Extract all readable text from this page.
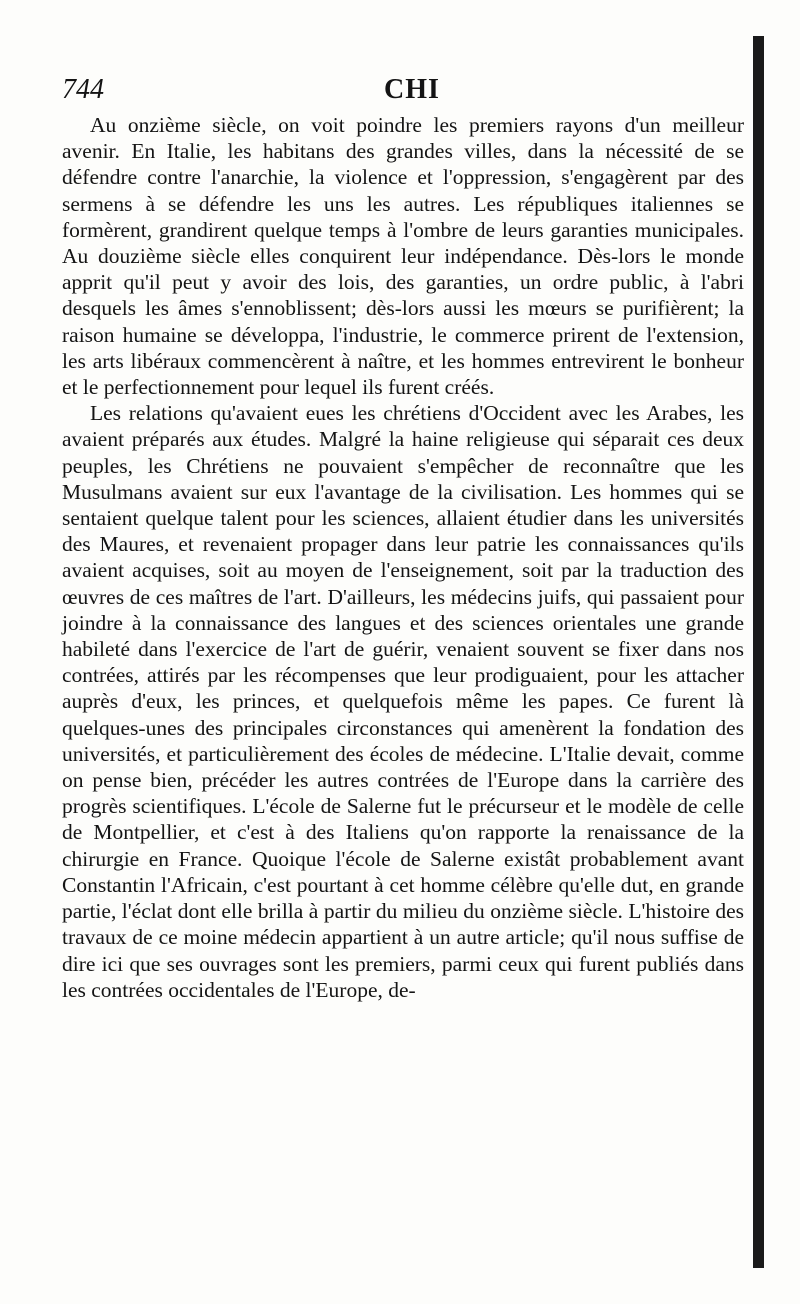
744	CHI

Au onzième siècle, on voit poindre les premiers rayons d'un meilleur avenir. En Italie, les habitans des grandes villes, dans la nécessité de se défendre contre l'anarchie, la violence et l'oppression, s'engagèrent par des sermens à se défendre les uns les autres. Les républiques italiennes se formèrent, grandirent quelque temps à l'ombre de leurs garanties municipales. Au douzième siècle elles conquirent leur indépendance. Dès-lors le monde apprit qu'il peut y avoir des lois, des garanties, un ordre public, à l'abri desquels les âmes s'ennoblissent; dès-lors aussi les mœurs se purifièrent; la raison humaine se développa, l'industrie, le commerce prirent de l'extension, les arts libéraux commencèrent à naître, et les hommes entrevirent le bonheur et le perfectionnement pour lequel ils furent créés.

Les relations qu'avaient eues les chrétiens d'Occident avec les Arabes, les avaient préparés aux études. Malgré la haine religieuse qui séparait ces deux peuples, les Chrétiens ne pouvaient s'empêcher de reconnaître que les Musulmans avaient sur eux l'avantage de la civilisation. Les hommes qui se sentaient quelque talent pour les sciences, allaient étudier dans les universités des Maures, et revenaient propager dans leur patrie les connaissances qu'ils avaient acquises, soit au moyen de l'enseignement, soit par la traduction des œuvres de ces maîtres de l'art. D'ailleurs, les médecins juifs, qui passaient pour joindre à la connaissance des langues et des sciences orientales une grande habileté dans l'exercice de l'art de guérir, venaient souvent se fixer dans nos contrées, attirés par les récompenses que leur prodiguaient, pour les attacher auprès d'eux, les princes, et quelquefois même les papes. Ce furent là quelques-unes des principales circonstances qui amenèrent la fondation des universités, et particulièrement des écoles de médecine. L'Italie devait, comme on pense bien, précéder les autres contrées de l'Europe dans la carrière des progrès scientifiques. L'école de Salerne fut le précurseur et le modèle de celle de Montpellier, et c'est à des Italiens qu'on rapporte la renaissance de la chirurgie en France. Quoique l'école de Salerne existât probablement avant Constantin l'Africain, c'est pourtant à cet homme célèbre qu'elle dut, en grande partie, l'éclat dont elle brilla à partir du milieu du onzième siècle. L'histoire des travaux de ce moine médecin appartient à un autre article; qu'il nous suffise de dire ici que ses ouvrages sont les premiers, parmi ceux qui furent publiés dans les contrées occidentales de l'Europe, de-
